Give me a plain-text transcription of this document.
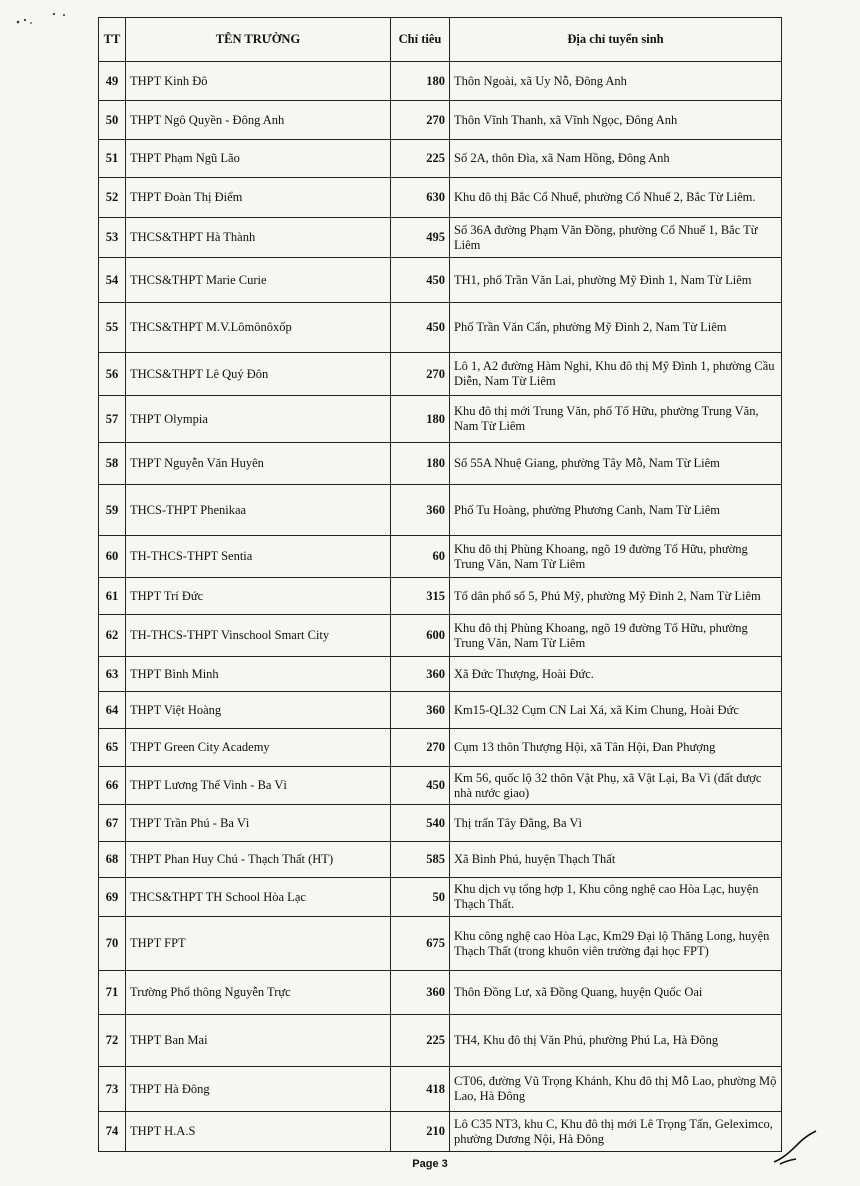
TT	TÊN TRƯỜNG	Chỉ tiêu	Địa chỉ tuyển sinh
49	THPT Kinh Đô	180	Thôn Ngoài, xã Uy Nỗ, Đông Anh
50	THPT Ngô Quyền - Đông Anh	270	Thôn Vĩnh Thanh, xã Vĩnh Ngọc, Đông Anh
51	THPT Phạm Ngũ Lão	225	Số 2A, thôn Đìa, xã Nam Hồng, Đông Anh
52	THPT Đoàn Thị Điểm	630	Khu đô thị Bắc Cổ Nhuế, phường Cổ Nhuế 2, Bắc Từ Liêm.
53	THCS&THPT Hà Thành	495	Số 36A đường Phạm Văn Đồng, phường Cổ Nhuế 1, Bắc Từ Liêm
54	THCS&THPT Marie Curie	450	TH1, phố Trần Văn Lai, phường Mỹ Đình 1, Nam Từ Liêm
55	THCS&THPT M.V.Lômônôxốp	450	Phố Trần Văn Cẩn, phường Mỹ Đình 2, Nam Từ Liêm
56	THCS&THPT Lê Quý Đôn	270	Lô 1, A2 đường Hàm Nghi, Khu đô thị Mỹ Đình 1, phường Cầu Diễn, Nam Từ Liêm
57	THPT Olympia	180	Khu đô thị mới Trung Văn, phố Tố Hữu, phường Trung Văn, Nam Từ Liêm
58	THPT Nguyễn Văn Huyên	180	Số 55A Nhuệ Giang, phường Tây Mỗ, Nam Từ Liêm
59	THCS-THPT Phenikaa	360	Phố Tu Hoàng, phường Phương Canh, Nam Từ Liêm
60	TH-THCS-THPT Sentia	60	Khu đô thị Phùng Khoang, ngõ 19 đường Tố Hữu, phường Trung Văn, Nam Từ Liêm
61	THPT Trí Đức	315	Tổ dân phố số 5, Phú Mỹ, phường Mỹ Đình 2, Nam Từ Liêm
62	TH-THCS-THPT Vinschool Smart City	600	Khu đô thị Phùng Khoang, ngõ 19 đường Tố Hữu, phường Trung Văn, Nam Từ Liêm
63	THPT Bình Minh	360	Xã Đức Thượng, Hoài Đức.
64	THPT Việt Hoàng	360	Km15-QL32 Cụm CN Lai Xá, xã Kim Chung, Hoài Đức
65	THPT Green City Academy	270	Cụm 13 thôn Thượng Hội, xã Tân Hội, Đan Phượng
66	THPT Lương Thế Vinh - Ba Vì	450	Km 56, quốc lộ 32 thôn Vật Phụ, xã Vật Lại, Ba Vì (đất được nhà nước giao)
67	THPT Trần Phú - Ba Vì	540	Thị trấn Tây Đằng, Ba Vì
68	THPT Phan Huy Chú - Thạch Thất (HT)	585	Xã Bình Phú, huyện Thạch Thất
69	THCS&THPT TH School Hòa Lạc	50	Khu dịch vụ tổng hợp 1, Khu công nghệ cao Hòa Lạc, huyện Thạch Thất.
70	THPT FPT	675	Khu công nghệ cao Hòa Lạc, Km29 Đại lộ Thăng Long, huyện Thạch Thất (trong khuôn viên trường đại học FPT)
71	Trường Phổ thông Nguyễn Trực	360	Thôn Đồng Lư, xã Đồng Quang, huyện Quốc Oai
72	THPT Ban Mai	225	TH4, Khu đô thị Văn Phú, phường Phú La, Hà Đông
73	THPT Hà Đông	418	CT06, đường Vũ Trọng Khánh, Khu đô thị Mỗ Lao, phường Mộ Lao, Hà Đông
74	THPT H.A.S	210	Lô C35 NT3, khu C, Khu đô thị mới Lê Trọng Tấn, Geleximco, phường Dương Nội, Hà Đông
Page 3
